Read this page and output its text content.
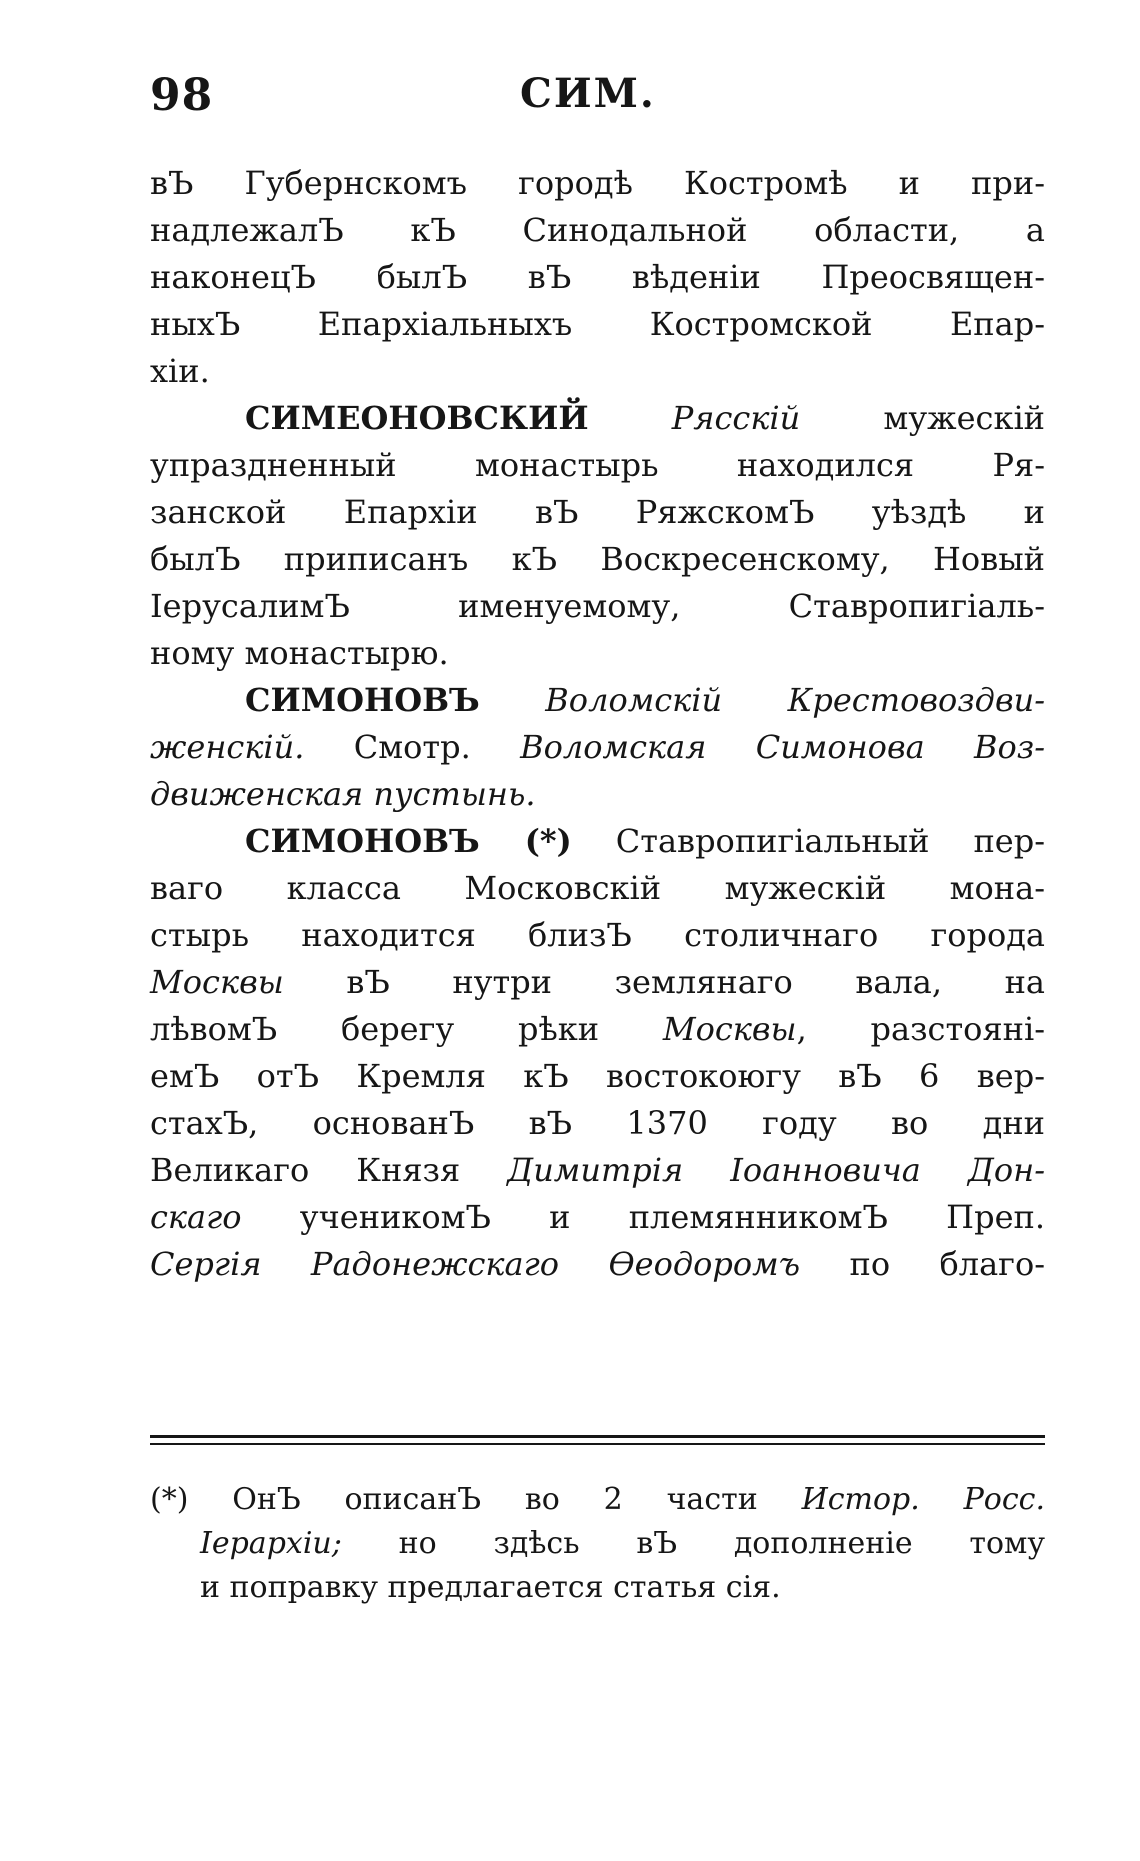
98	СИМ.
вЪ Губернскомъ городѣ Костромѣ и при-
надлежалЪ кЪ Синодальной области, а
наконецЪ былЪ вЪ вѣденіи Преосвящен-
ныхЪ Епархіальныхъ Костромской Епар-
хіи.
СИМЕОНОВСКИЙ	Рясскій	мужескій
упраздненный монастырь находился Ря-
занской Епархіи вЪ РяжскомЪ уѣздѣ и
былЪ приписанъ кЪ Воскресенскому, Новый
ІерусалимЪ именуемому, Ставропигіаль-
ному монастырю.
СИМОНОВЪ Воломскій Крестовоздви-
женскій. Смотр. Воломская Симонова Воз-
движенская пустынь.
СИМОНОВЪ (*) Ставропигіальный пер-
ваго класса Московскій мужескій мона-
стырь находится близЪ столичнаго города
Москвы вЪ нутри землянаго вала, на
лѣвомЪ берегу рѣки Москвы, разстояні-
емЪ отЪ Кремля кЪ востокоюгу вЪ 6 вер-
стахЪ, основанЪ вЪ 1370 году во дни
Великаго Князя Димитрія Іоанновича Дон-
скаго ученикомЪ и племянникомЪ Преп.
Сергія Радонежскаго Ѳеодоромъ по благо-
(*) ОнЪ описанЪ во 2 части Истор. Росс.
Іерархіи; но здѣсь вЪ дополненіе тому
и поправку предлагается статья сія.
